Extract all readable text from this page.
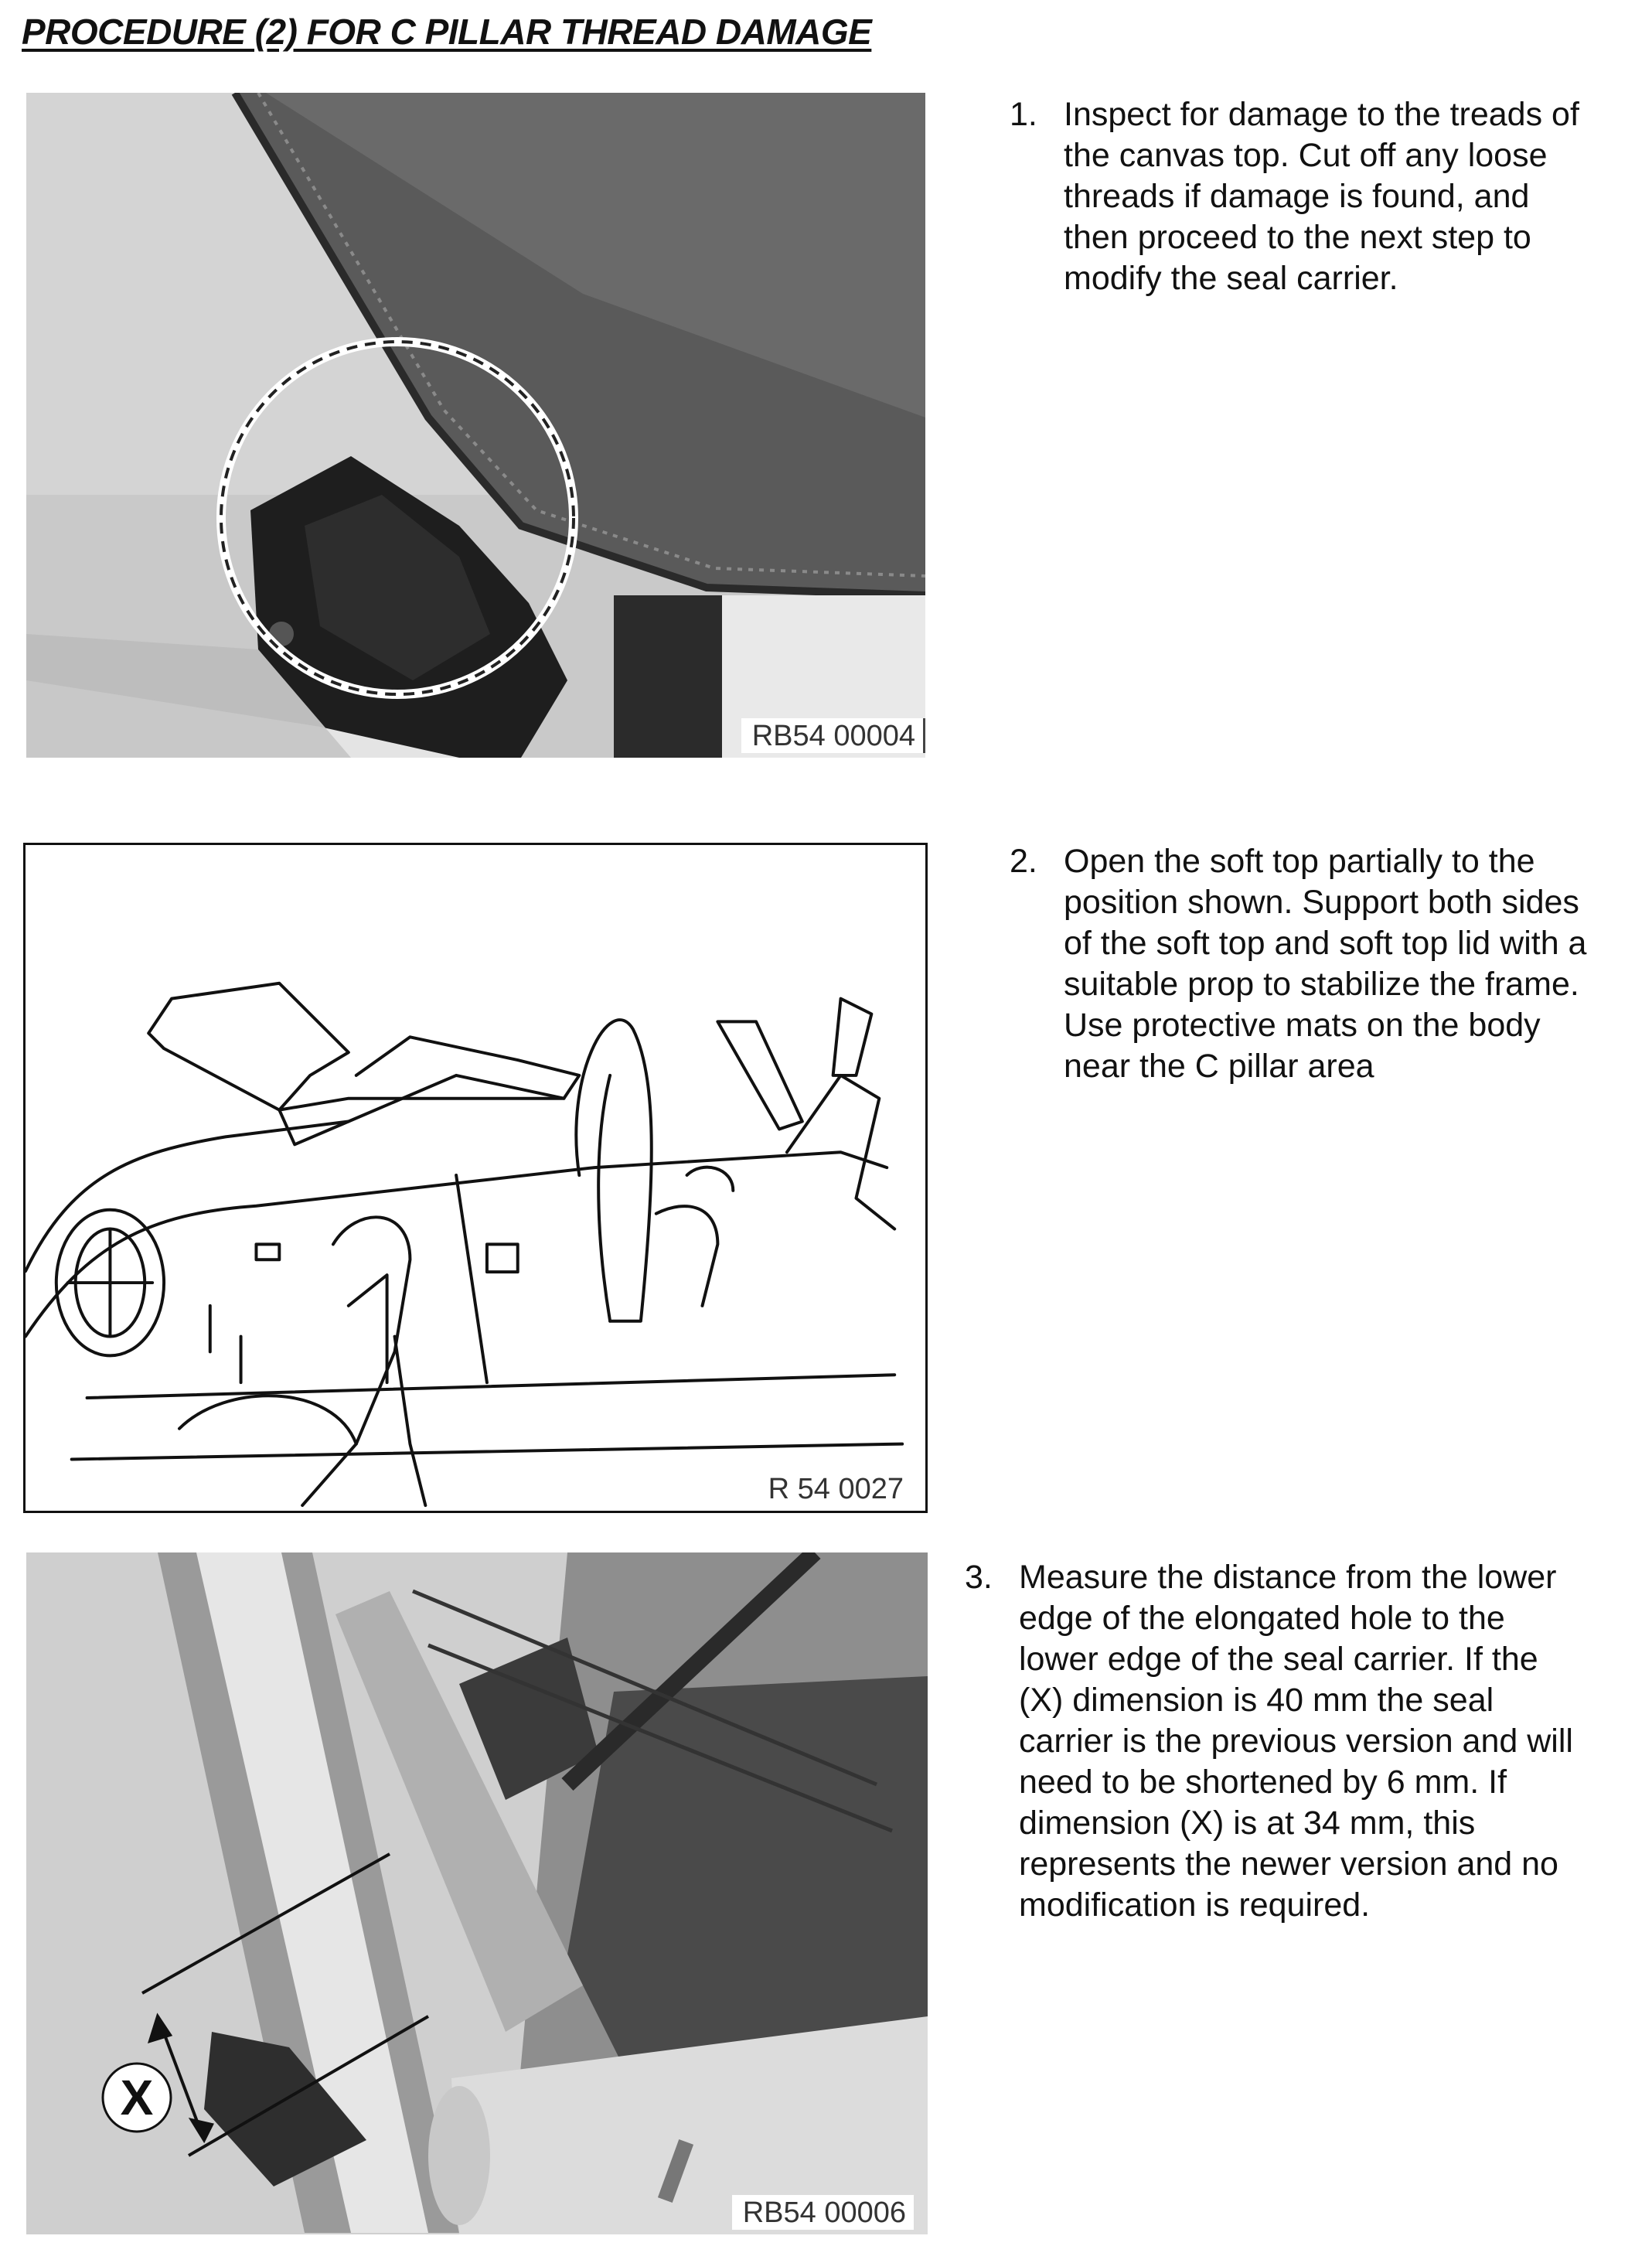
PROCEDURE (2) FOR C PILLAR THREAD DAMAGE
RB54 00004
R 54 0027
X
RB54 00006
1. Inspect for damage to the treads of
the canvas top. Cut off any loose
threads if damage is found, and
then proceed to the next step to
modify the seal carrier.
2. Open the soft top partially to the
position shown. Support both sides
of the soft top and soft top lid with a
suitable prop to stabilize the frame.
Use protective mats on the body
near the C pillar area
3. Measure the distance from the lower
edge of the elongated hole to the
lower edge of the seal carrier. If the
(X) dimension is 40 mm the seal
carrier is the previous version and will
need to be shortened by 6 mm. If
dimension (X) is at 34 mm, this
represents the newer version and no
modification is required.
